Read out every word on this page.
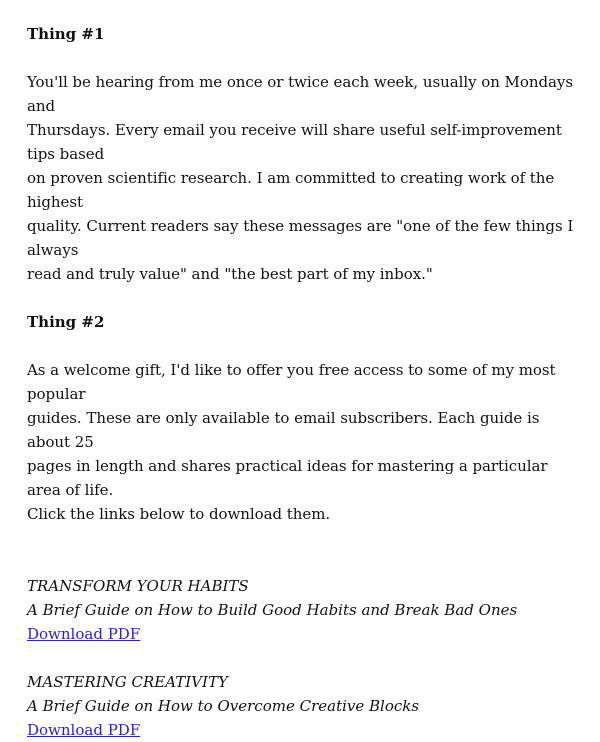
Thing #1

You'll be hearing from me once or twice each week, usually on Mondays and

Thursdays. Every email you receive will share useful self-improvement tips based

on proven scientific research. I am committed to creating work of the highest

quality. Current readers say these messages are "one of the few things I always

read and truly value" and "the best part of my inbox."

Thing #2

As a welcome gift, I'd like to offer you free access to some of my most popular

guides. These are only available to email subscribers. Each guide is about 25

pages in length and shares practical ideas for mastering a particular area of life.

Click the links below to download them.

TRANSFORM YOUR HABITS

A Brief Guide on How to Build Good Habits and Break Bad Ones

Download PDF

MASTERING CREATIVITY

A Brief Guide on How to Overcome Creative Blocks

Download PDF
